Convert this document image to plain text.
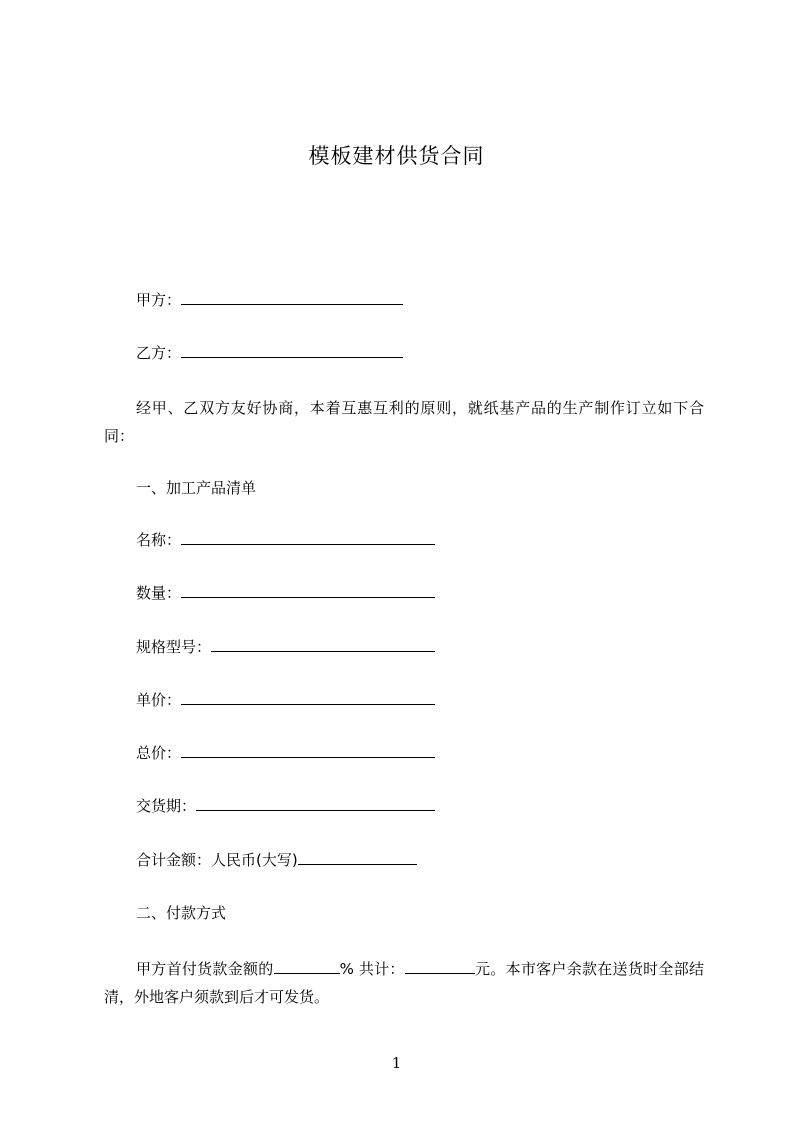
模板建材供货合同
甲方：
乙方：
经甲、乙双方友好协商，本着互惠互利的原则，就纸基产品的生产制作订立如下合同：
一、加工产品清单
名称：
数量：
规格型号：
单价：
总价：
交货期：
合计金额：人民币(大写)
二、付款方式
甲方首付货款金额的	% 共计：	元。本市客户余款在送货时全部结清，外地客户须款到后才可发货。
1
